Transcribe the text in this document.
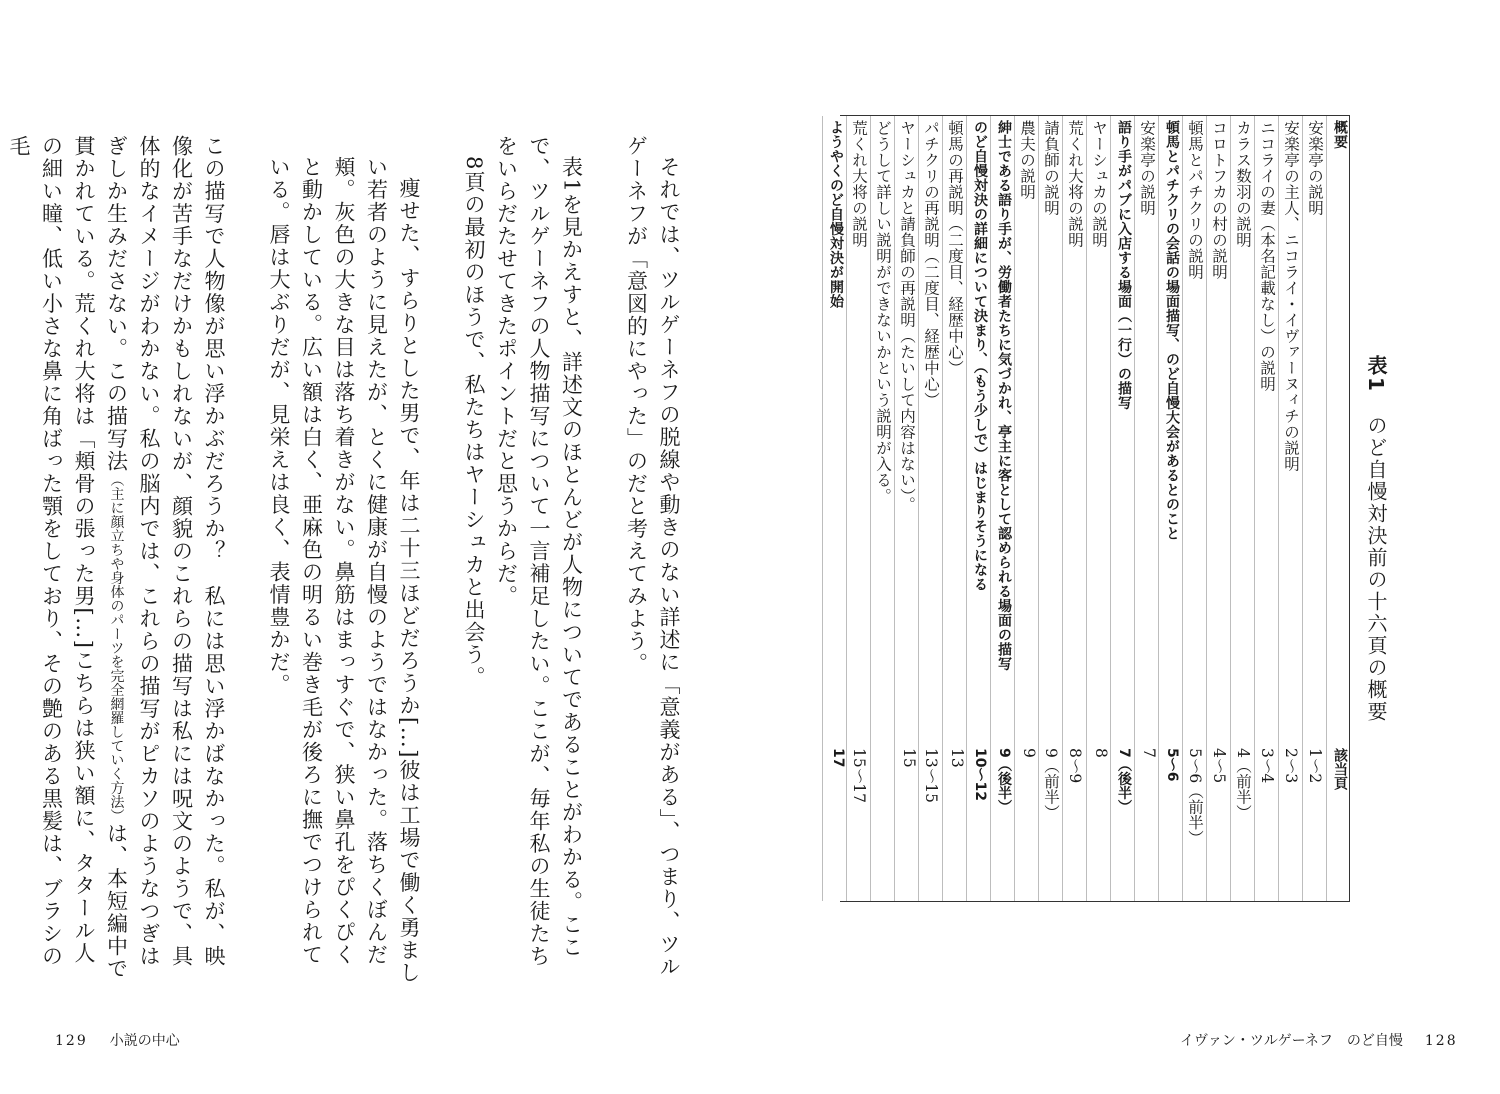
それでは、ツルゲーネフの脱線や動きのない詳述に「意義がある」、つまり、ツルゲーネフが「意図的にやった」のだと考えてみよう。

表1を見かえすと、詳述文のほとんどが人物についてであることがわかる。ここで、ツルゲーネフの人物描写について一言補足したい。ここが、毎年私の生徒たちをいらだたせてきたポイントだと思うからだ。

8頁の最初のほうで、私たちはヤーシュカと出会う。

痩せた、すらりとした男で、年は二十三ほどだろうか[…]彼は工場で働く勇ましい若者のように見えたが、とくに健康が自慢のようではなかった。落ちくぼんだ頬。灰色の大きな目は落ち着きがない。鼻筋はまっすぐで、狭い鼻孔をぴくぴくと動かしている。広い額は白く、亜麻色の明るい巻き毛が後ろに撫でつけられている。唇は大ぶりだが、見栄えは良く、表情豊かだ。

この描写で人物像が思い浮かぶだろうか？　私には思い浮かばなかった。私が、映像化が苦手なだけかもしれないが、顔貌のこれらの描写は私には呪文のようで、具体的なイメージがわかない。私の脳内では、これらの描写がピカソのようなつぎはぎしか生みださない。この描写法（主に顔立ちや身体のパーツを完全網羅していく方法）は、本短編中で貫かれている。荒くれ大将は「頬骨の張った男[…]こちらは狭い額に、タタール人の細い瞳、低い小さな鼻に角ばった顎をしており、その艶のある黒髪は、ブラシの毛

129 小説の中心
表1　のど自慢対決前の十六頁の概要
概要
該当頁
安楽亭の説明
1〜2
安楽亭の主人、ニコライ・イヴァーヌィチの説明
2〜3
ニコライの妻（本名記載なし）の説明
3〜4
カラス数羽の説明
4（前半）
コロトフカの村の説明
4〜5
頓馬とパチクリの説明
5〜6（前半）
頓馬とパチクリの会話の場面描写、のど自慢大会があるとのこと
5〜6
安楽亭の説明
7
語り手がパブに入店する場面（一行）の描写
7（後半）
ヤーシュカの説明
8
荒くれ大将の説明
8〜9
請負師の説明
9（前半）
農夫の説明
9
紳士である語り手が、労働者たちに気づかれ、亭主に客として認められる場面の描写
9（後半）
のど自慢対決の詳細について決まり、（もう少しで）はじまりそうになる
10〜12
頓馬の再説明（二度目、経歴中心）
13
パチクリの再説明（二度目、経歴中心）
13〜15
ヤーシュカと請負師の再説明（たいして内容はない）。
15
どうして詳しい説明ができないかという説明が入る。
荒くれ大将の説明
15〜17
ようやくのど自慢対決が開始
17
イヴァン・ツルゲーネフ　のど自慢 128
